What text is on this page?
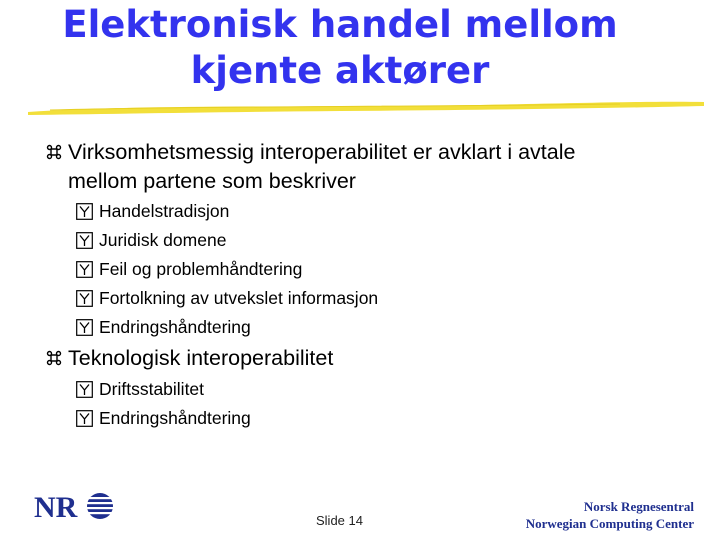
Elektronisk handel mellom
kjente aktører
Virksomhetsmessig interoperabilitet er avklart i avtale
mellom partene som beskriver
Handelstradisjon
Juridisk domene
Feil og problemhåndtering
Fortolkning av utvekslet informasjon
Endringshåndtering
Teknologisk interoperabilitet
Driftsstabilitet
Endringshåndtering
NR	Slide 14
Norsk Regnesentral
Norwegian Computing Center
